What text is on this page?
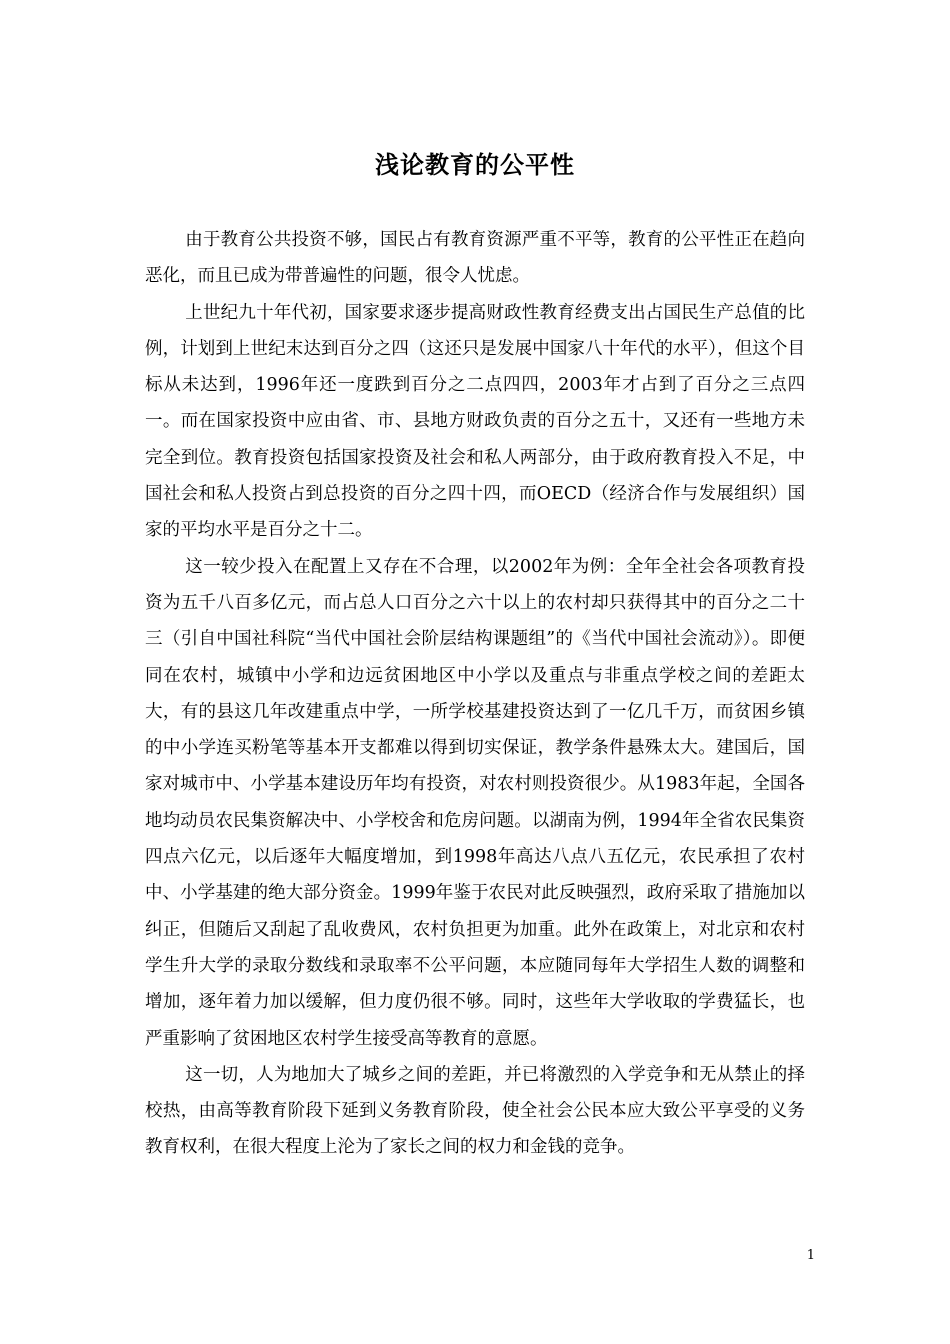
浅论教育的公平性

由于教育公共投资不够，国民占有教育资源严重不平等，教育的公平性正在趋向恶化，而且已成为带普遍性的问题，很令人忧虑。

上世纪九十年代初，国家要求逐步提高财政性教育经费支出占国民生产总值的比例，计划到上世纪末达到百分之四（这还只是发展中国家八十年代的水平），但这个目标从未达到，1996年还一度跌到百分之二点四四，2003年才占到了百分之三点四一。而在国家投资中应由省、市、县地方财政负责的百分之五十，又还有一些地方未完全到位。教育投资包括国家投资及社会和私人两部分，由于政府教育投入不足，中国社会和私人投资占到总投资的百分之四十四，而OECD（经济合作与发展组织）国家的平均水平是百分之十二。

这一较少投入在配置上又存在不合理，以2002年为例：全年全社会各项教育投资为五千八百多亿元，而占总人口百分之六十以上的农村却只获得其中的百分之二十三（引自中国社科院“当代中国社会阶层结构课题组”的《当代中国社会流动》）。即便同在农村，城镇中小学和边远贫困地区中小学以及重点与非重点学校之间的差距太大，有的县这几年改建重点中学，一所学校基建投资达到了一亿几千万，而贫困乡镇的中小学连买粉笔等基本开支都难以得到切实保证，教学条件悬殊太大。建国后，国家对城市中、小学基本建设历年均有投资，对农村则投资很少。从1983年起，全国各地均动员农民集资解决中、小学校舍和危房问题。以湖南为例，1994年全省农民集资四点六亿元，以后逐年大幅度增加，到1998年高达八点八五亿元，农民承担了农村中、小学基建的绝大部分资金。1999年鉴于农民对此反映强烈，政府采取了措施加以纠正，但随后又刮起了乱收费风，农村负担更为加重。此外在政策上，对北京和农村学生升大学的录取分数线和录取率不公平问题，本应随同每年大学招生人数的调整和增加，逐年着力加以缓解，但力度仍很不够。同时，这些年大学收取的学费猛长，也严重影响了贫困地区农村学生接受高等教育的意愿。

这一切，人为地加大了城乡之间的差距，并已将激烈的入学竞争和无从禁止的择校热，由高等教育阶段下延到义务教育阶段，使全社会公民本应大致公平享受的义务教育权利，在很大程度上沦为了家长之间的权力和金钱的竞争。

1
